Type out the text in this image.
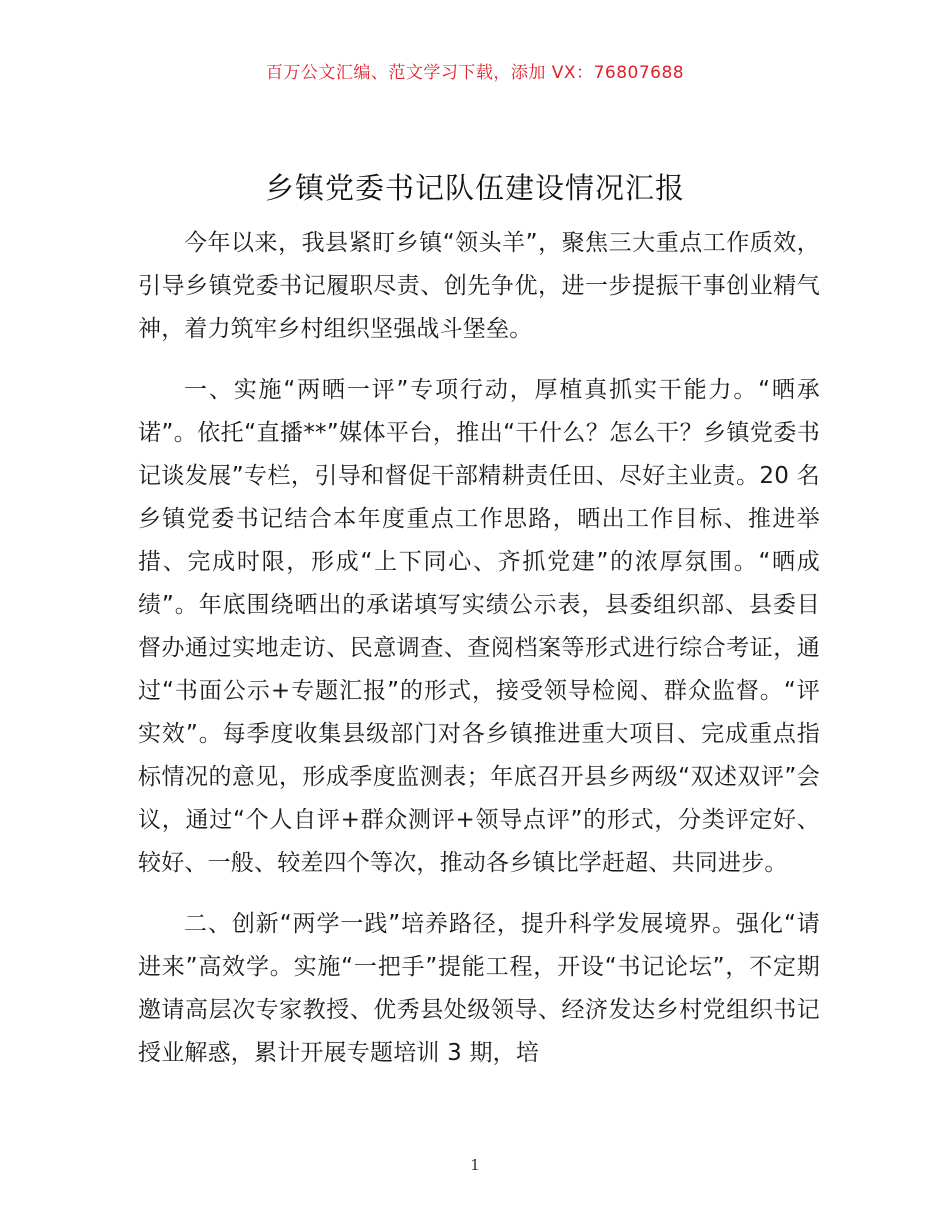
百万公文汇编、范文学习下载，添加 VX：76807688
乡镇党委书记队伍建设情况汇报

今年以来，我县紧盯乡镇“领头羊”，聚焦三大重点工作质效，引导乡镇党委书记履职尽责、创先争优，进一步提振干事创业精气神，着力筑牢乡村组织坚强战斗堡垒。

一、实施“两晒一评”专项行动，厚植真抓实干能力。“晒承诺”。依托“直播**”媒体平台，推出“干什么？怎么干？乡镇党委书记谈发展”专栏，引导和督促干部精耕责任田、尽好主业责。20 名乡镇党委书记结合本年度重点工作思路，晒出工作目标、推进举措、完成时限，形成“上下同心、齐抓党建”的浓厚氛围。“晒成绩”。年底围绕晒出的承诺填写实绩公示表，县委组织部、县委目督办通过实地走访、民意调查、查阅档案等形式进行综合考证，通过“书面公示+专题汇报”的形式，接受领导检阅、群众监督。“评实效”。每季度收集县级部门对各乡镇推进重大项目、完成重点指标情况的意见，形成季度监测表；年底召开县乡两级“双述双评”会议，通过“个人自评+群众测评+领导点评”的形式，分类评定好、较好、一般、较差四个等次，推动各乡镇比学赶超、共同进步。

二、创新“两学一践”培养路径，提升科学发展境界。强化“请进来”高效学。实施“一把手”提能工程，开设“书记论坛”，不定期邀请高层次专家教授、优秀县处级领导、经济发达乡村党组织书记授业解惑，累计开展专题培训 3 期，培

1
